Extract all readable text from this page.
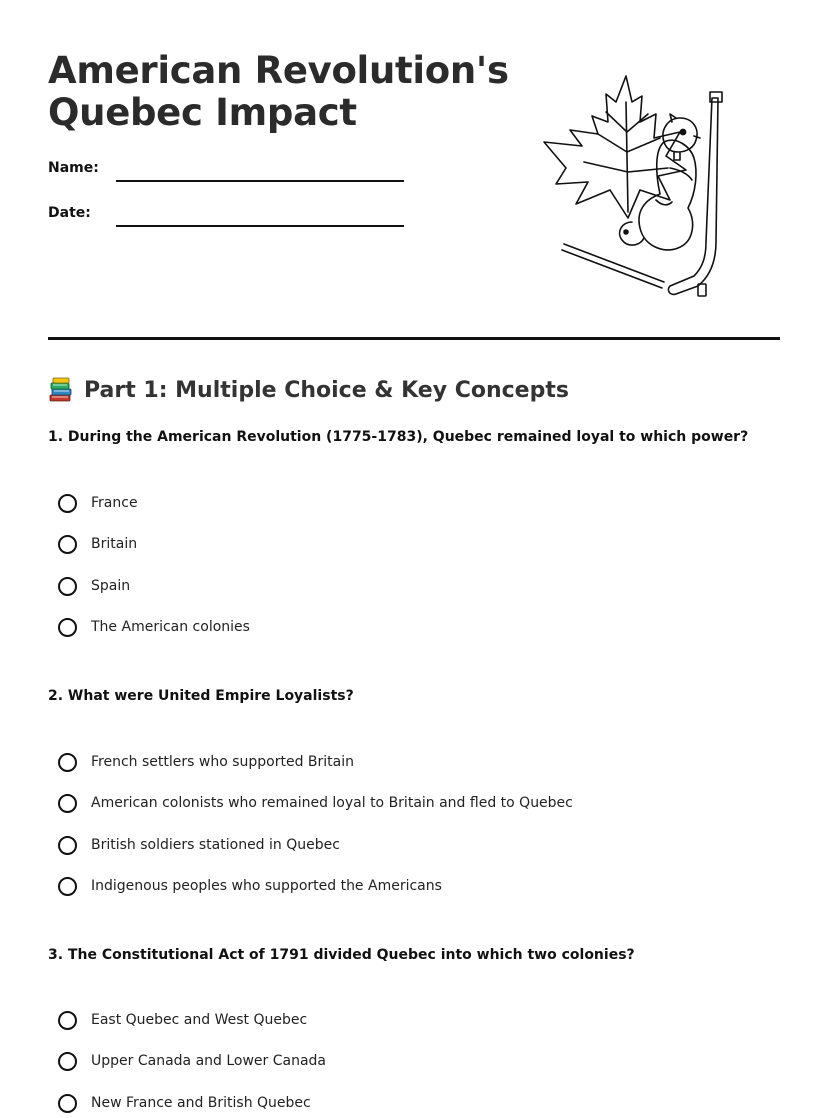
American Revolution's
Quebec Impact
Name:
Date:
Part 1: Multiple Choice & Key Concepts
1. During the American Revolution (1775-1783), Quebec remained loyal to which power?
France
Britain
Spain
The American colonies
2. What were United Empire Loyalists?
French settlers who supported Britain
American colonists who remained loyal to Britain and fled to Quebec
British soldiers stationed in Quebec
Indigenous peoples who supported the Americans
3. The Constitutional Act of 1791 divided Quebec into which two colonies?
East Quebec and West Quebec
Upper Canada and Lower Canada
New France and British Quebec
